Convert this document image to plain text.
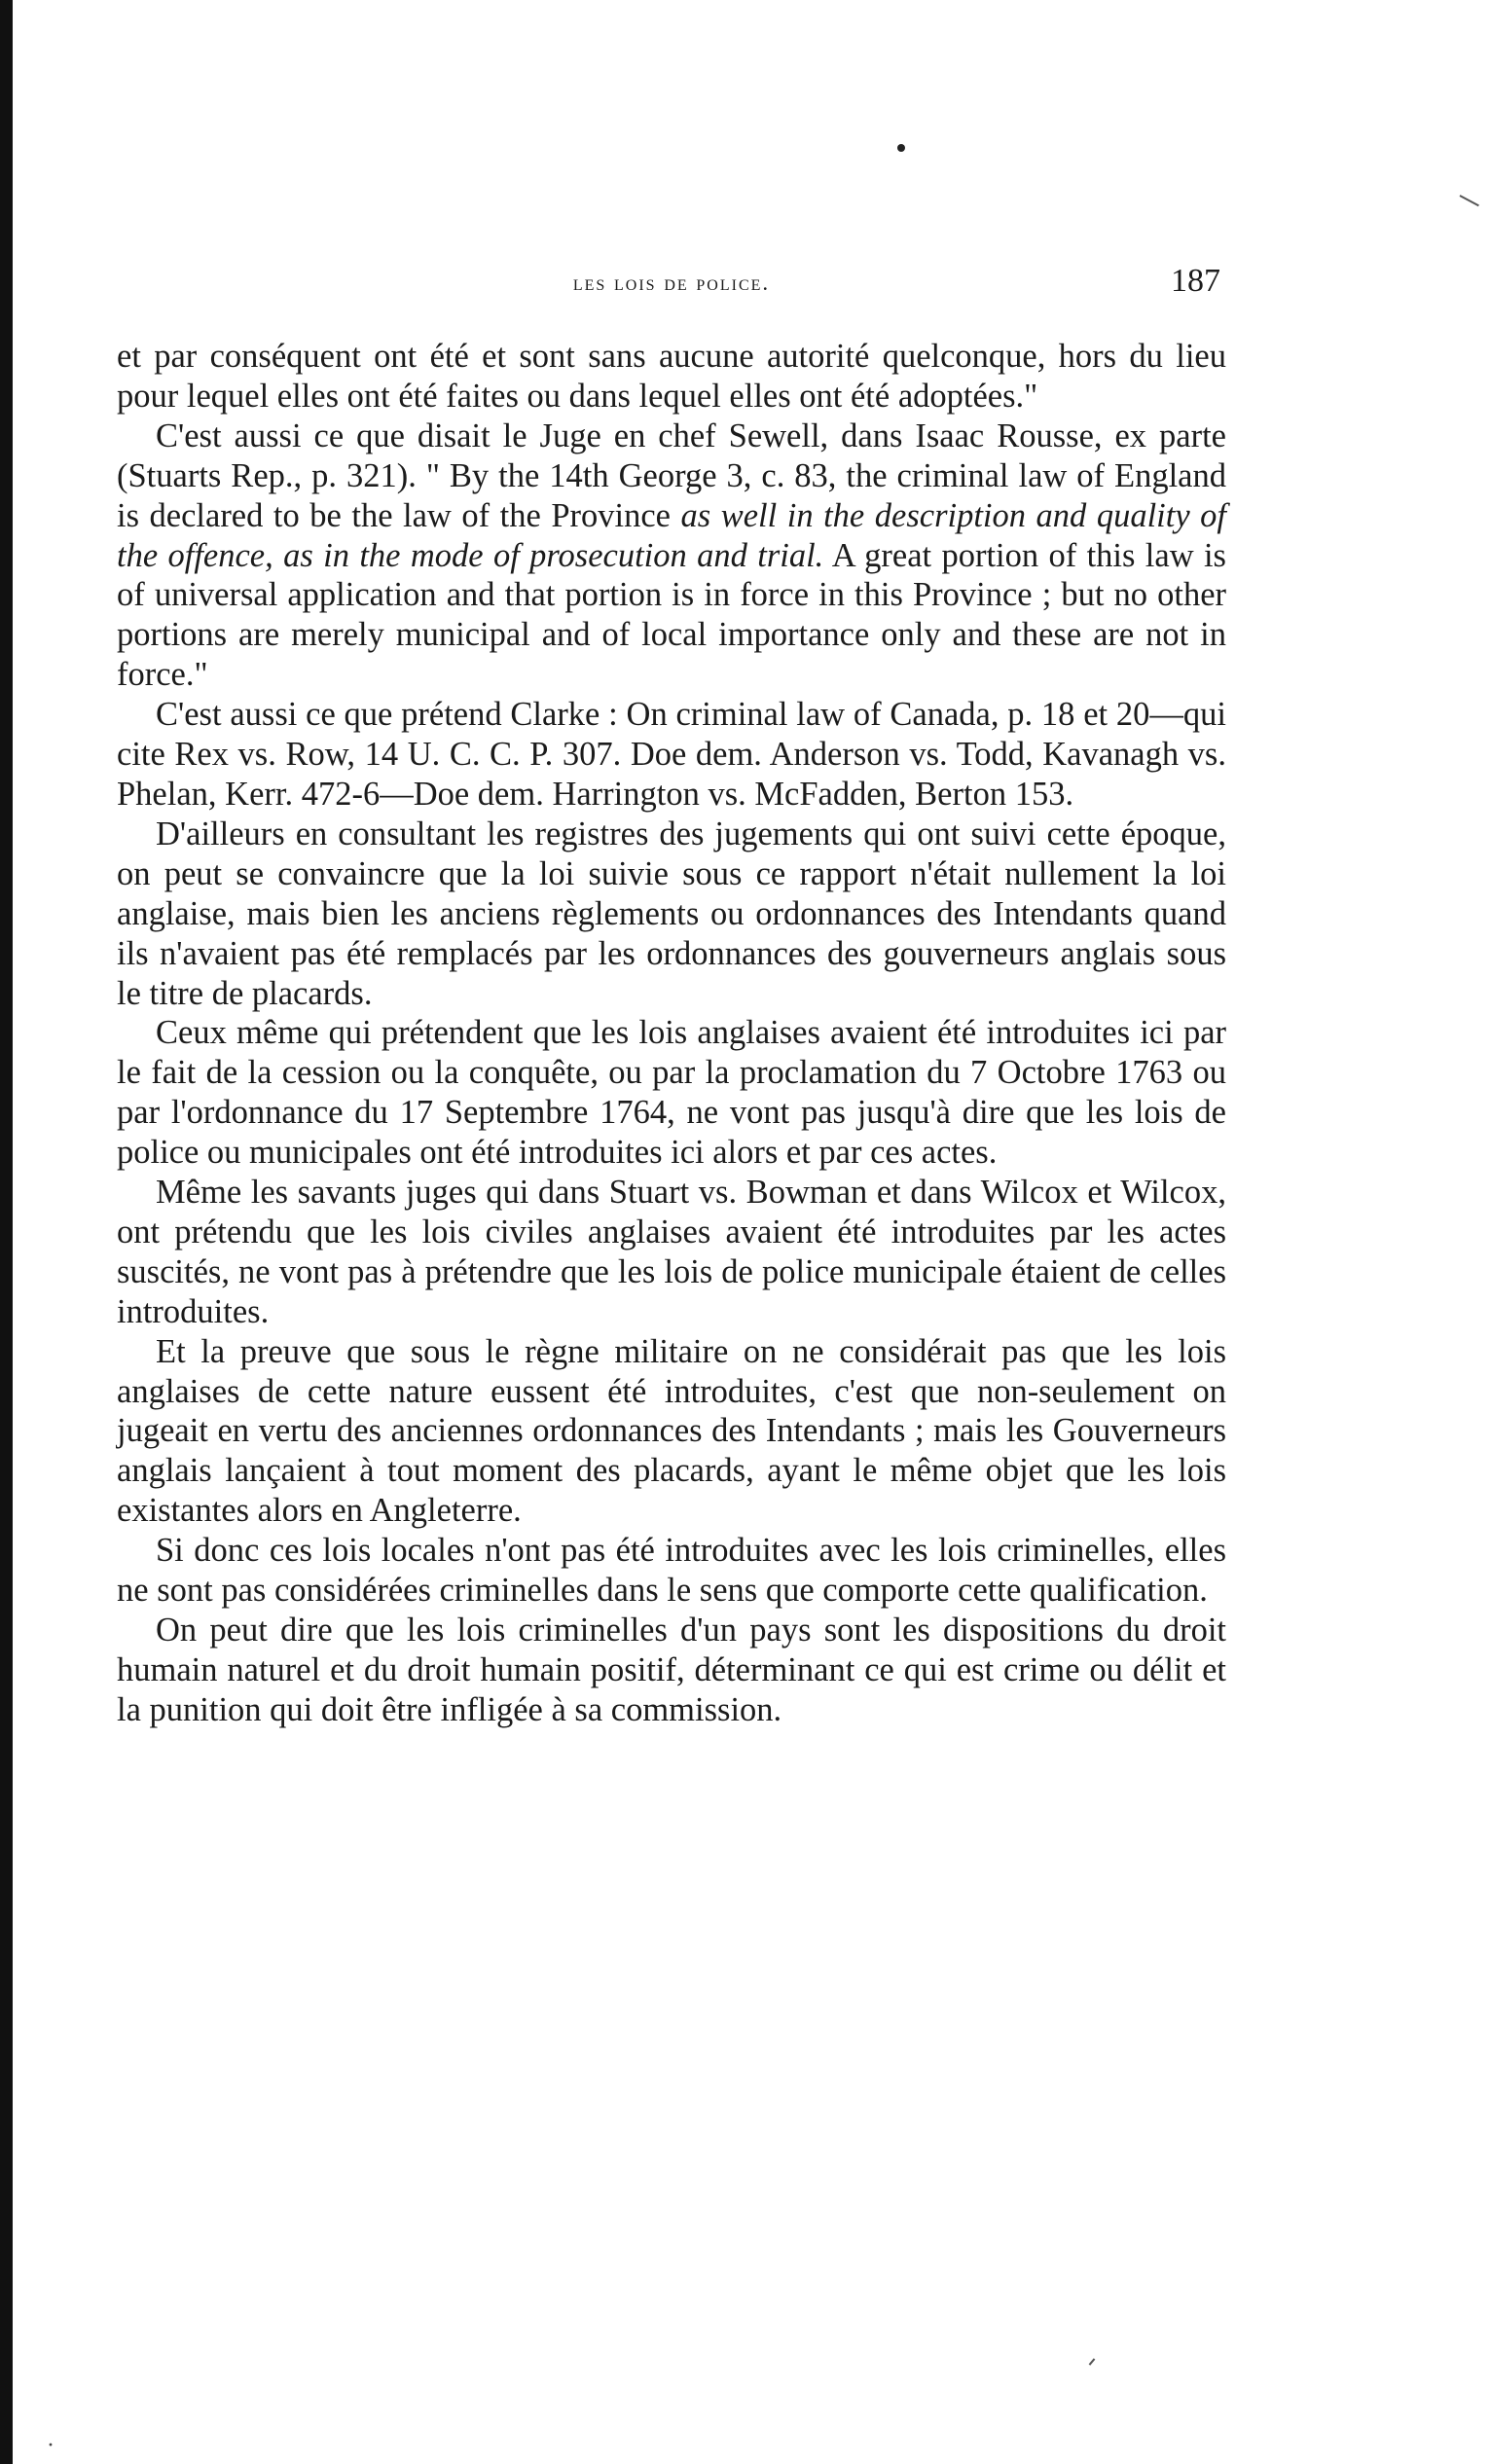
·
les lois de police.	187

et par conséquent ont été et sont sans aucune autorité quelconque, hors du lieu pour lequel elles ont été faites ou dans lequel elles ont été adoptées."

C'est aussi ce que disait le Juge en chef Sewell, dans Isaac Rousse, ex parte (Stuarts Rep., p. 321). " By the 14th George 3, c. 83, the criminal law of England is declared to be the law of the Province as well in the description and quality of the offence, as in the mode of prosecution and trial. A great portion of this law is of universal application and that portion is in force in this Province ; but no other portions are merely municipal and of local importance only and these are not in force."

C'est aussi ce que prétend Clarke : On criminal law of Canada, p. 18 et 20—qui cite Rex vs. Row, 14 U. C. C. P. 307. Doe dem. Anderson vs. Todd, Kavanagh vs. Phelan, Kerr. 472-6—Doe dem. Harrington vs. McFadden, Berton 153.

D'ailleurs en consultant les registres des jugements qui ont suivi cette époque, on peut se convaincre que la loi suivie sous ce rapport n'était nullement la loi anglaise, mais bien les anciens règlements ou ordonnances des Intendants quand ils n'avaient pas été remplacés par les ordonnances des gouverneurs anglais sous le titre de placards.

Ceux même qui prétendent que les lois anglaises avaient été introduites ici par le fait de la cession ou la conquête, ou par la proclamation du 7 Octobre 1763 ou par l'ordonnance du 17 Septembre 1764, ne vont pas jusqu'à dire que les lois de police ou municipales ont été introduites ici alors et par ces actes.

Même les savants juges qui dans Stuart vs. Bowman et dans Wilcox et Wilcox, ont prétendu que les lois civiles anglaises avaient été introduites par les actes suscités, ne vont pas à prétendre que les lois de police municipale étaient de celles introduites.

Et la preuve que sous le règne militaire on ne considérait pas que les lois anglaises de cette nature eussent été introduites, c'est que non-seulement on jugeait en vertu des anciennes ordonnances des Intendants ; mais les Gouverneurs anglais lançaient à tout moment des placards, ayant le même objet que les lois existantes alors en Angleterre.

Si donc ces lois locales n'ont pas été introduites avec les lois criminelles, elles ne sont pas considérées criminelles dans le sens que comporte cette qualification.

On peut dire que les lois criminelles d'un pays sont les dispositions du droit humain naturel et du droit humain positif, déterminant ce qui est crime ou délit et la punition qui doit être infligée à sa commission.
